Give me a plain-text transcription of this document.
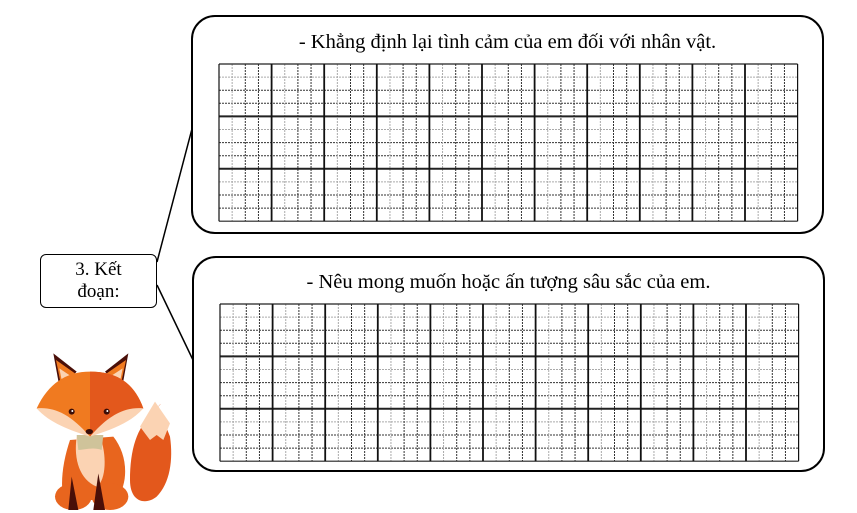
3. Kết
đoạn:
- Khẳng định lại tình cảm của em đối với nhân vật.
- Nêu mong muốn hoặc ấn tượng sâu sắc của em.
